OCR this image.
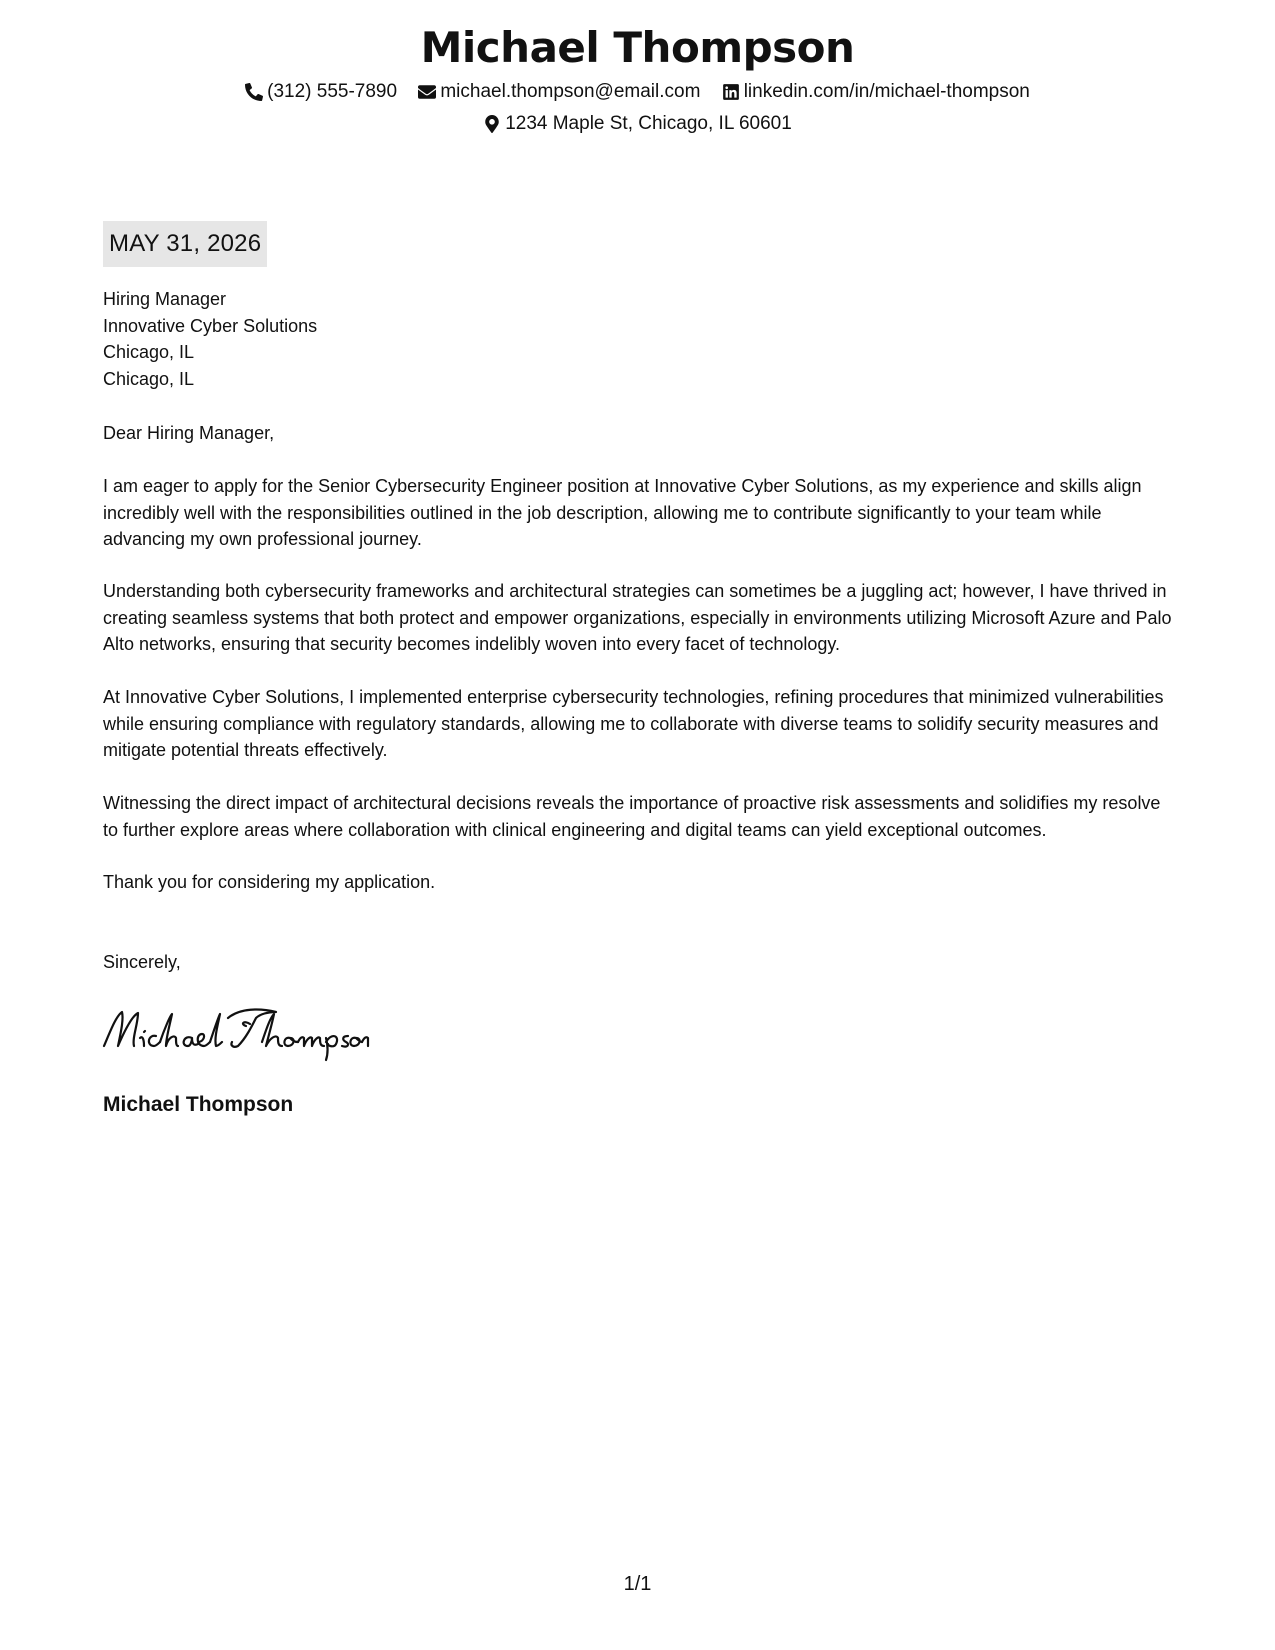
Michael Thompson
(312) 555-7890
michael.thompson@email.com
linkedin.com/in/michael-thompson
1234 Maple St, Chicago, IL 60601
MAY 31, 2026
Hiring Manager
Innovative Cyber Solutions
Chicago, IL
Chicago, IL
Dear Hiring Manager,
I am eager to apply for the Senior Cybersecurity Engineer position at Innovative Cyber Solutions, as my experience and skills align incredibly well with the responsibilities outlined in the job description, allowing me to contribute significantly to your team while advancing my own professional journey.
Understanding both cybersecurity frameworks and architectural strategies can sometimes be a juggling act; however, I have thrived in creating seamless systems that both protect and empower organizations, especially in environments utilizing Microsoft Azure and Palo Alto networks, ensuring that security becomes indelibly woven into every facet of technology.
At Innovative Cyber Solutions, I implemented enterprise cybersecurity technologies, refining procedures that minimized vulnerabilities while ensuring compliance with regulatory standards, allowing me to collaborate with diverse teams to solidify security measures and mitigate potential threats effectively.
Witnessing the direct impact of architectural decisions reveals the importance of proactive risk assessments and solidifies my resolve to further explore areas where collaboration with clinical engineering and digital teams can yield exceptional outcomes.
Thank you for considering my application.
Sincerely,
Michael Thompson
1/1
